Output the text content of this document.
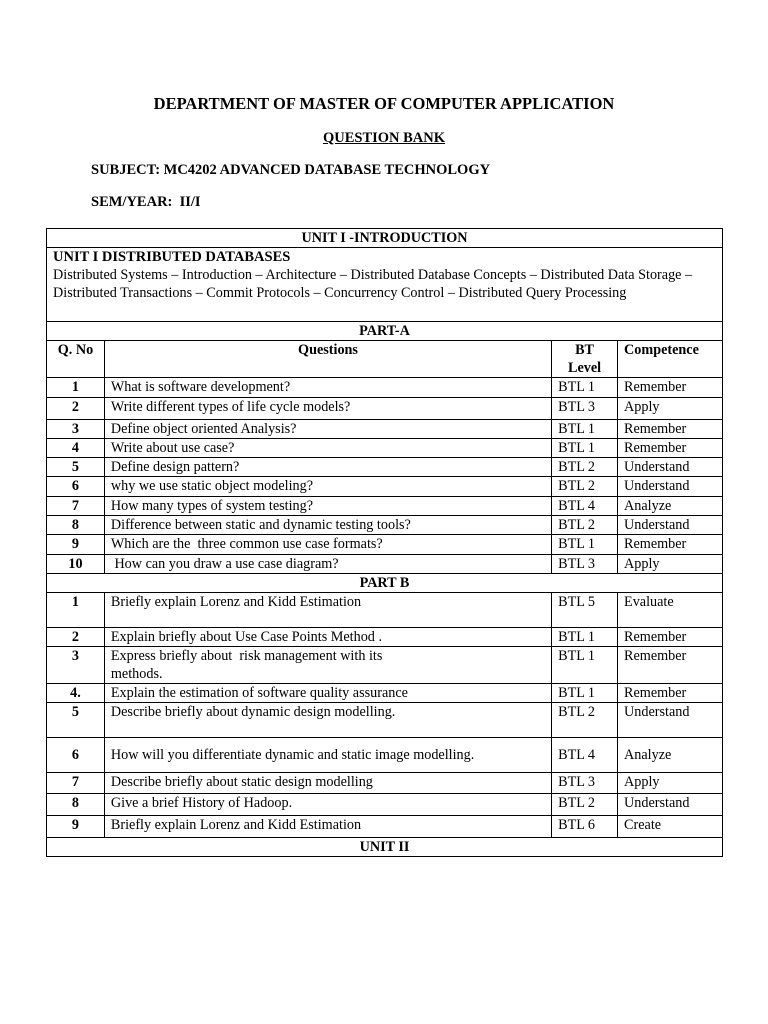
DEPARTMENT OF MASTER OF COMPUTER APPLICATION
QUESTION BANK
SUBJECT: MC4202 ADVANCED DATABASE TECHNOLOGY
SEM/YEAR:  II/I
UNIT I -INTRODUCTION			

UNIT I DISTRIBUTED DATABASES
Distributed Systems – Introduction – Architecture – Distributed Database Concepts – Distributed Data Storage – Distributed Transactions – Commit Protocols – Concurrency Control – Distributed Query Processing			
PART-A			
Q. No	Questions	BT Level	Competence
1	What is software development?	BTL 1	Remember
2	Write different types of life cycle models?	BTL 3	Apply
3	Define object oriented Analysis?	BTL 1	Remember
4	Write about use case?	BTL 1	Remember
5	Define design pattern?	BTL 2	Understand
6	why we use static object modeling?	BTL 2	Understand
7	How many types of system testing?	BTL 4	Analyze
8	Difference between static and dynamic testing tools?	BTL 2	Understand
9	Which are the  three common use case formats?	BTL 1	Remember
10	How can you draw a use case diagram?	BTL 3	Apply
PART B			
1	Briefly explain Lorenz and Kidd Estimation	BTL 5	Evaluate
2	Explain briefly about Use Case Points Method .	BTL 1	Remember
3	Express briefly about  risk management with its methods.	BTL 1	Remember
4.	Explain the estimation of software quality assurance	BTL 1	Remember
5	Describe briefly about dynamic design modelling.	BTL 2	Understand
6	How will you differentiate dynamic and static image modelling.	BTL 4	Analyze
7	Describe briefly about static design modelling	BTL 3	Apply
8	Give a brief History of Hadoop.	BTL 2	Understand
9	Briefly explain Lorenz and Kidd Estimation	BTL 6	Create
UNIT II			
